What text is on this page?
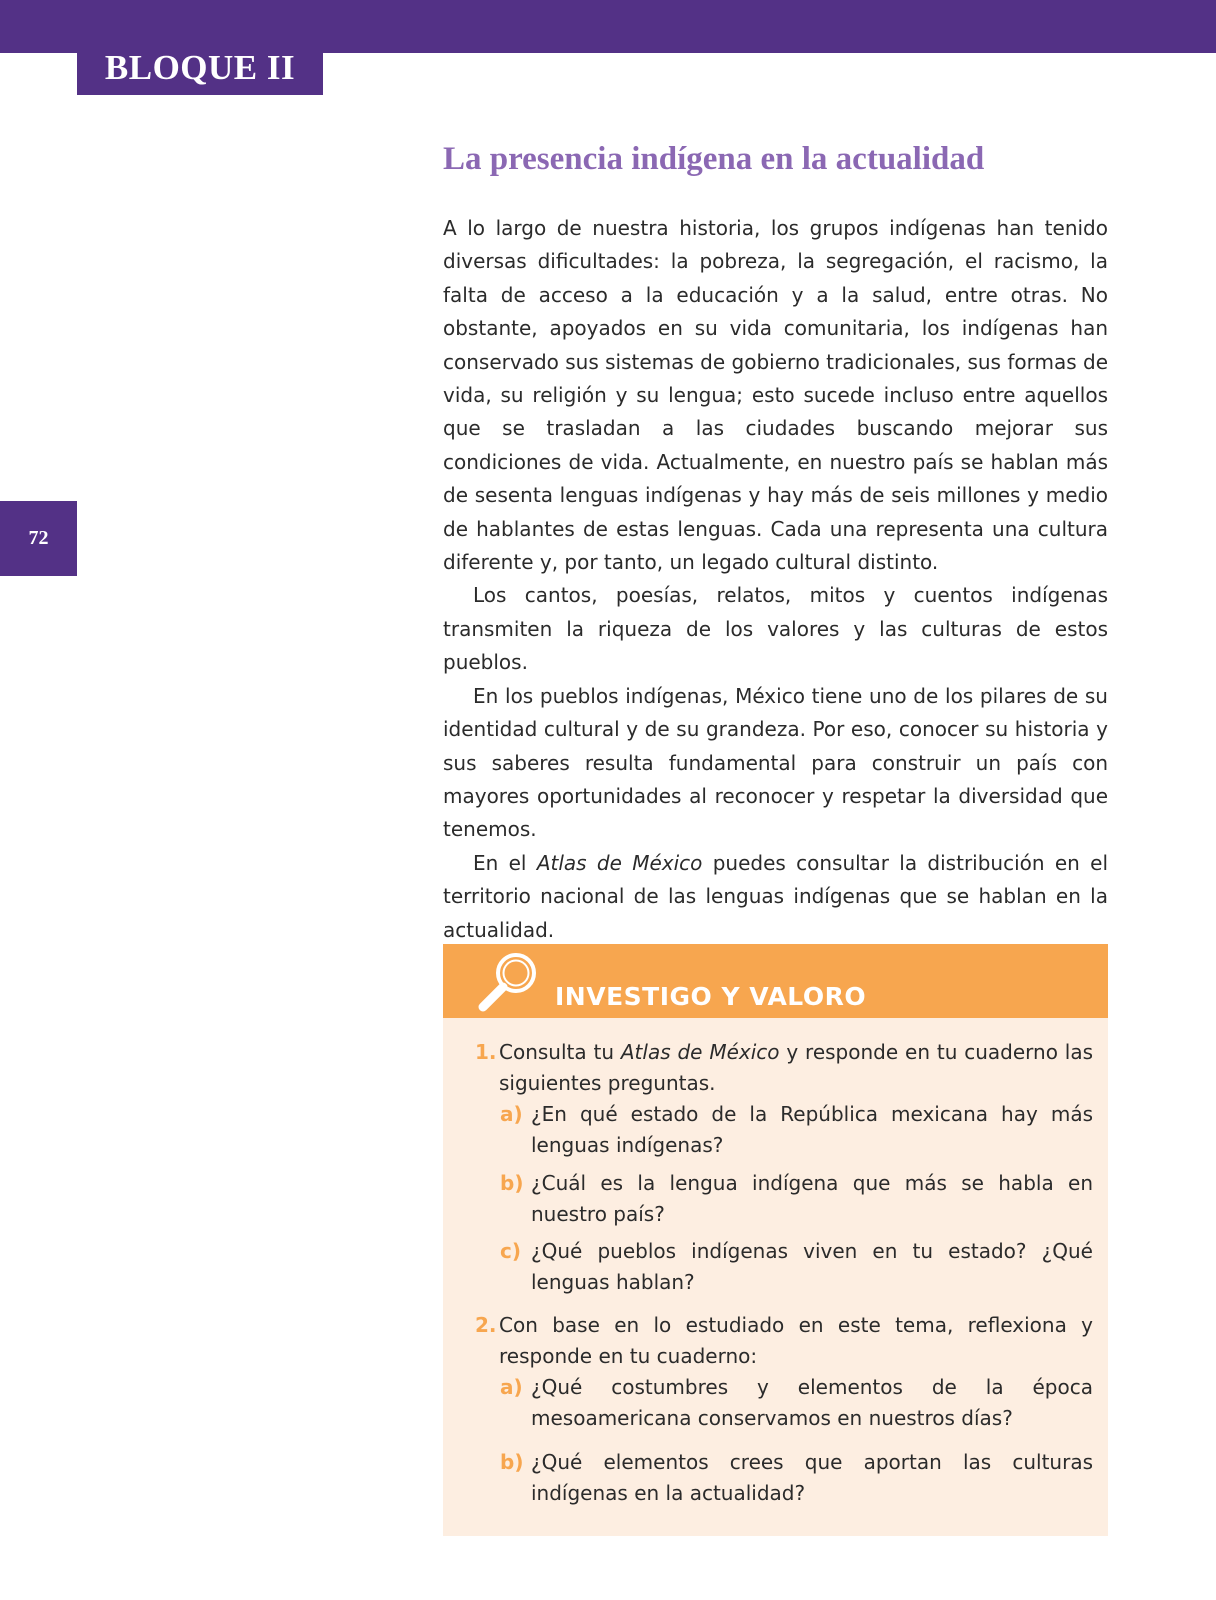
BLOQUE II
72
La presencia indígena en la actualidad

A lo largo de nuestra historia, los grupos indígenas han tenido diversas dificultades: la pobreza, la segregación, el racismo, la falta de acceso a la educación y a la salud, entre otras. No obstante, apoyados en su vida comunitaria, los indígenas han conservado sus sistemas de gobierno tradicionales, sus formas de vida, su religión y su lengua; esto sucede incluso entre aquellos que se trasladan a las ciudades buscando mejorar sus condiciones de vida. Actualmente, en nuestro país se hablan más de sesenta lenguas indígenas y hay más de seis millones y medio de hablantes de estas lenguas. Cada una representa una cultura diferente y, por tanto, un legado cultural distinto.

Los cantos, poesías, relatos, mitos y cuentos indígenas transmiten la riqueza de los valores y las culturas de estos pueblos.

En los pueblos indígenas, México tiene uno de los pilares de su identidad cultural y de su grandeza. Por eso, conocer su historia y sus saberes resulta fundamental para construir un país con mayores oportunidades al reconocer y respetar la diversidad que tenemos.

En el Atlas de México puedes consultar la distribución en el territorio nacional de las lenguas indígenas que se hablan en la actualidad.

INVESTIGO Y VALORO
1. Consulta tu Atlas de México y responde en tu cuaderno las siguientes preguntas.
a) ¿En qué estado de la República mexicana hay más lenguas indígenas?
b) ¿Cuál es la lengua indígena que más se habla en nuestro país?
c) ¿Qué pueblos indígenas viven en tu estado? ¿Qué lenguas hablan?
2. Con base en lo estudiado en este tema, reflexiona y responde en tu cuaderno:
a) ¿Qué costumbres y elementos de la época mesoamericana conservamos en nuestros días?
b) ¿Qué elementos crees que aportan las culturas indígenas en la actualidad?
